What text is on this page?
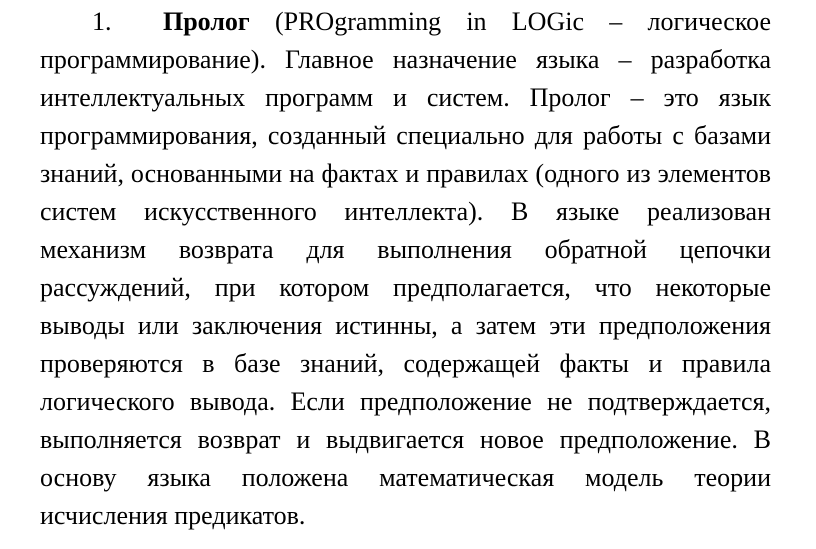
1. Пролог (PROgramming in LOGic – логическое
программирование). Главное назначение языка – разработка
интеллектуальных программ и систем. Пролог – это язык
программирования, созданный специально для работы с базами
знаний, основанными на фактах и правилах (одного из элементов
систем искусственного интеллекта). В языке реализован
механизм возврата для выполнения обратной цепочки
рассуждений, при котором предполагается, что некоторые
выводы или заключения истинны, а затем эти предположения
проверяются в базе знаний, содержащей факты и правила
логического вывода. Если предположение не подтверждается,
выполняется возврат и выдвигается новое предположение. В
основу языка положена математическая модель теории
исчисления предикатов.
